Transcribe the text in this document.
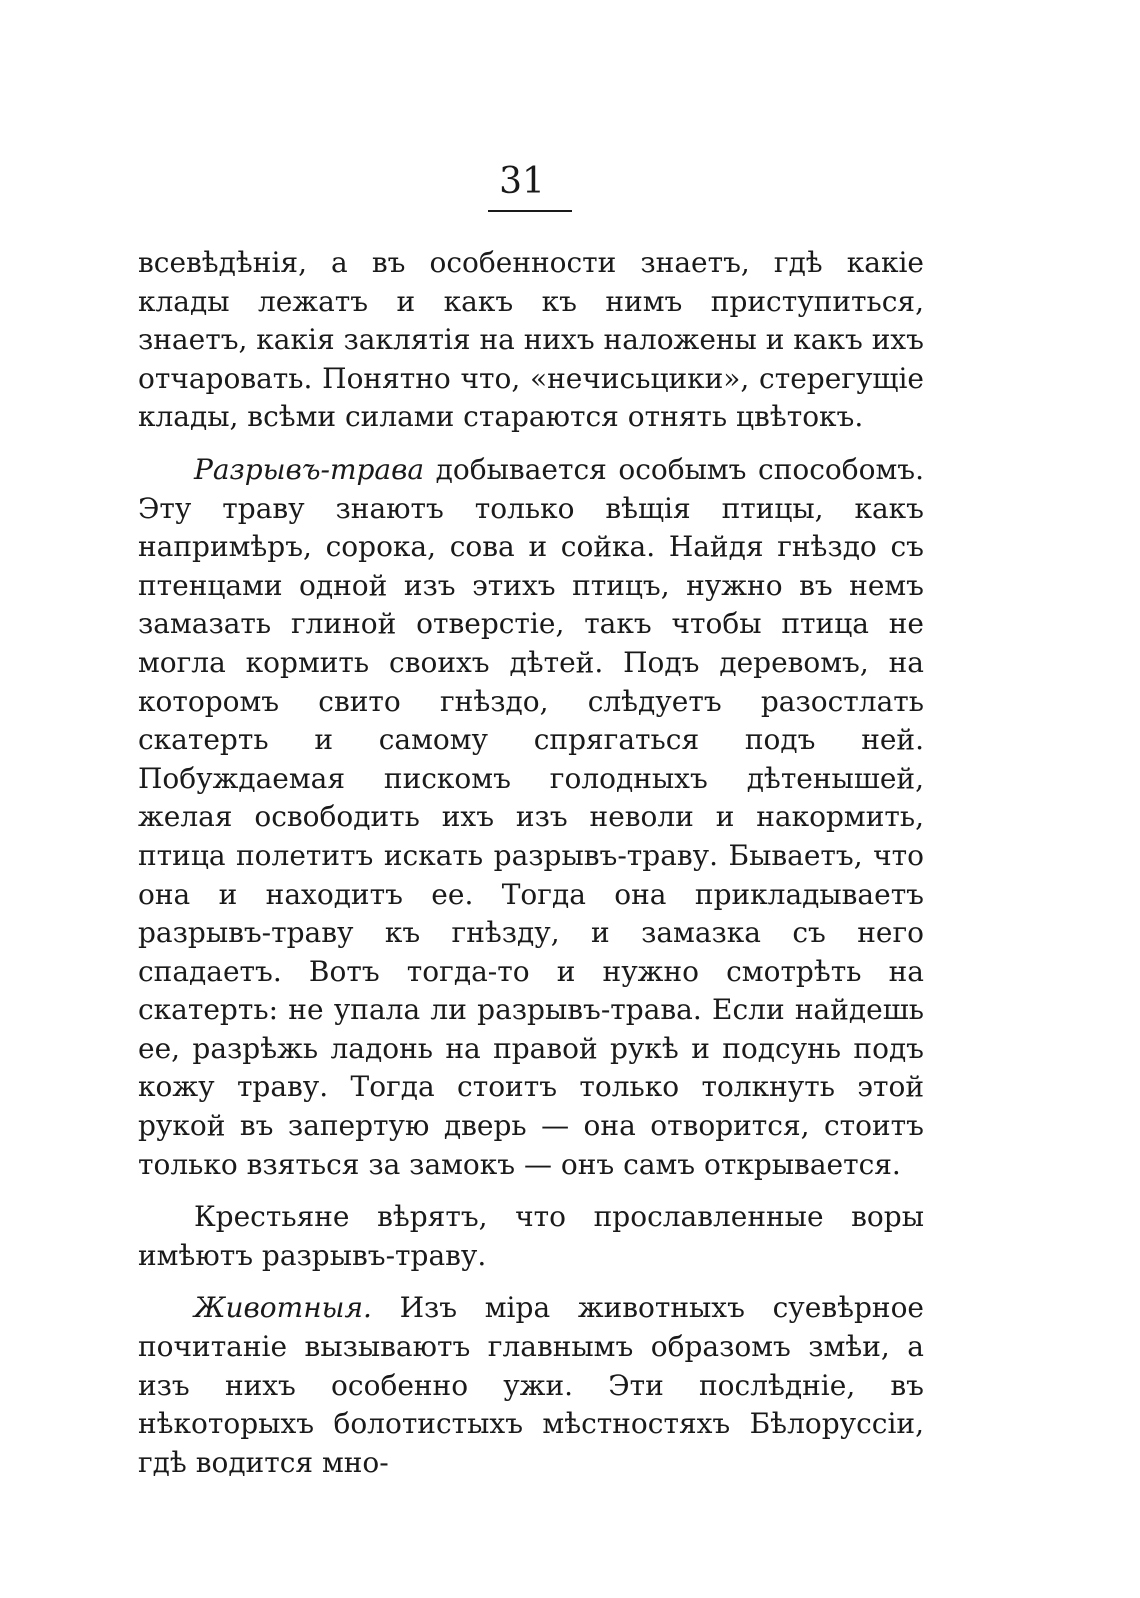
31

всевѣдѣнія, а въ особенности знаетъ, гдѣ какіе клады лежатъ и какъ къ нимъ приступиться, знаетъ, какія заклятія на нихъ наложены и какъ ихъ отчаровать. Понятно что, «нечисьцики», стерегущіе клады, всѣми силами стараются отнять цвѣтокъ.

Разрывъ-трава добывается особымъ способомъ. Эту траву знаютъ только вѣщія птицы, какъ напримѣръ, сорока, сова и сойка. Найдя гнѣздо съ птенцами одной изъ этихъ птицъ, нужно въ немъ замазать глиной отверстіе, такъ чтобы птица не могла кормить своихъ дѣтей. Подъ деревомъ, на которомъ свито гнѣздо, слѣдуетъ разостлать скатерть и самому спрягаться подъ ней. Побуждаемая пискомъ голодныхъ дѣтенышей, желая освободить ихъ изъ неволи и накормить, птица полетитъ искать разрывъ-траву. Бываетъ, что она и находитъ ее. Тогда она прикладываетъ разрывъ-траву къ гнѣзду, и замазка съ него спадаетъ. Вотъ тогда-то и нужно смотрѣть на скатерть: не упала ли разрывъ-трава. Если найдешь ее, разрѣжь ладонь на правой рукѣ и подсунь подъ кожу траву. Тогда стоитъ только толкнуть этой рукой въ запертую дверь — она отворится, стоитъ только взяться за замокъ — онъ самъ открывается.

Крестьяне вѣрятъ, что прославленные воры имѣютъ разрывъ-траву.

Животныя. Изъ міра животныхъ суевѣрное почитаніе вызываютъ главнымъ образомъ змѣи, а изъ нихъ особенно ужи. Эти послѣдніе, въ нѣкоторыхъ болотистыхъ мѣстностяхъ Бѣлоруссіи, гдѣ водится мно-
